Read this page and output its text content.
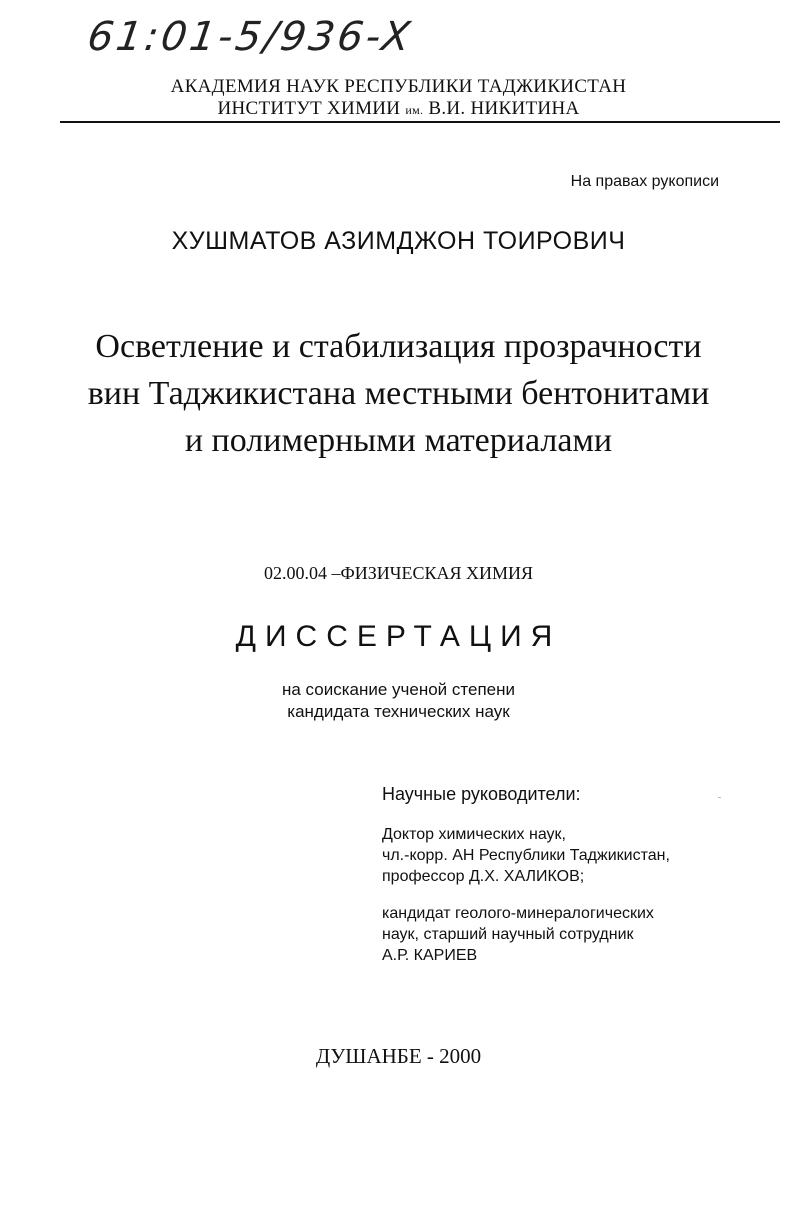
61:01-5/936-X
АКАДЕМИЯ НАУК РЕСПУБЛИКИ ТАДЖИКИСТАН
ИНСТИТУТ ХИМИИ им. В.И. НИКИТИНА
На правах рукописи
ХУШМАТОВ АЗИМДЖОН ТОИРОВИЧ
Осветление и стабилизация прозрачности
вин Таджикистана местными бентонитами
и полимерными материалами
02.00.04 –ФИЗИЧЕСКАЯ ХИМИЯ
ДИССЕРТАЦИЯ
на соискание ученой степени
кандидата технических наук
Научные руководители:
Доктор химических наук,
чл.-корр. АН Республики Таджикистан,
профессор Д.Х. ХАЛИКОВ;
кандидат геолого-минералогических
наук, старший научный сотрудник
А.Р. КАРИЕВ
ДУШАНБЕ - 2000
